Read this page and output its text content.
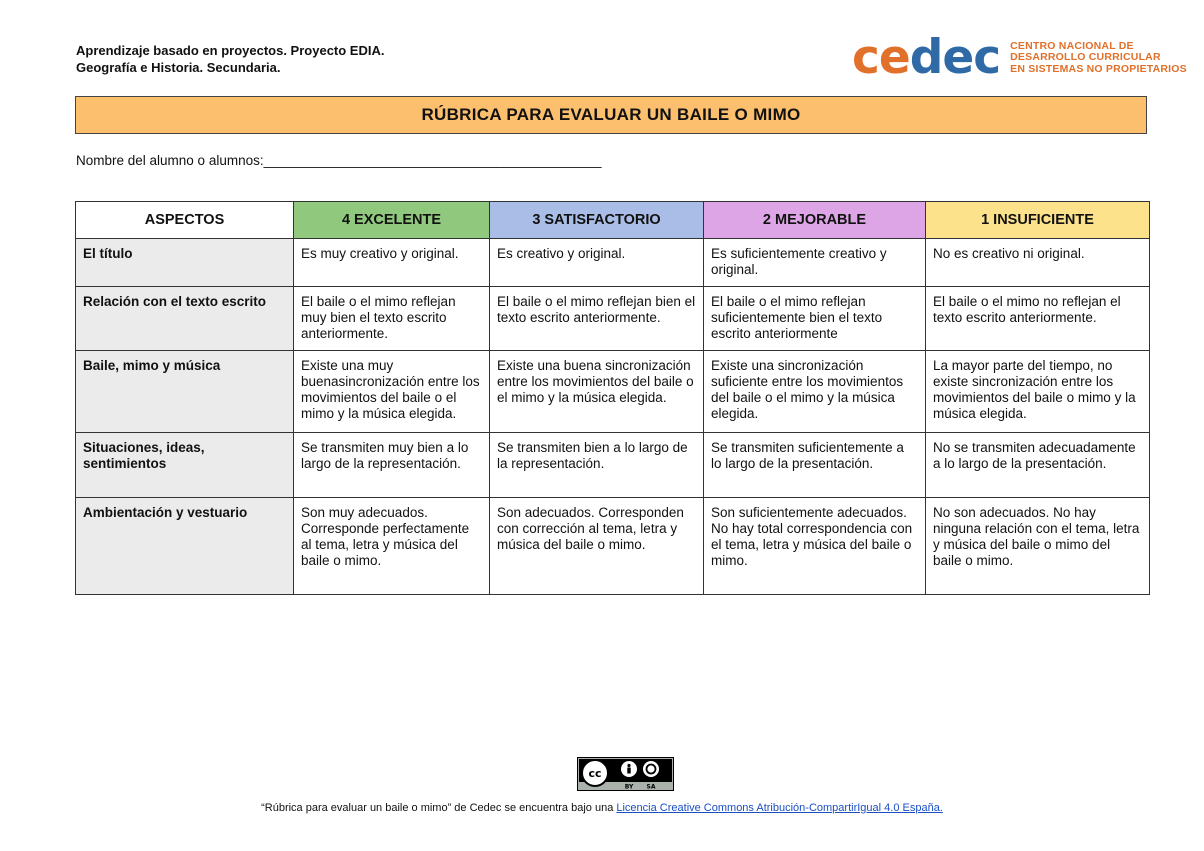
Aprendizaje basado en proyectos. Proyecto EDIA.
Geografía e Historia. Secundaria.	cedec CENTRO NACIONAL DE
DESARROLLO CURRICULAR
EN SISTEMAS NO PROPIETARIOS
RÚBRICA PARA EVALUAR UN BAILE O MIMO
Nombre del alumno o alumnos:_____________________________________________
ASPECTOS	4 EXCELENTE	3 SATISFACTORIO	2 MEJORABLE	1 INSUFICIENTE
El título	Es muy creativo y original.	Es creativo y original.	Es suficientemente creativo y original.	No es creativo ni original.
Relación con el texto escrito	El baile o el mimo reflejan muy bien el texto escrito anteriormente.	El baile o el mimo reflejan bien el texto escrito anteriormente.	El baile o el mimo reflejan suficientemente bien el texto escrito anteriormente	El baile o el mimo no reflejan el texto escrito anteriormente.
Baile, mimo y música	Existe una muy buenasincronización entre los movimientos del baile o el mimo y la música elegida.	Existe una buena sincronización entre los movimientos del baile o el mimo y la música elegida.	Existe una sincronización suficiente entre los movimientos del baile o el mimo y la música elegida.	La mayor parte del tiempo, no existe sincronización entre los movimientos del baile o mimo y la música elegida.
Situaciones, ideas, sentimientos	Se transmiten muy bien a lo largo de la representación.	Se transmiten bien a lo largo de la representación.	Se transmiten suficientemente a lo largo de la presentación.	No se transmiten adecuadamente a lo largo de la presentación.
Ambientación y vestuario	Son muy adecuados. Corresponde perfectamente al tema, letra y música del baile o mimo.	Son adecuados. Corresponden con corrección al tema, letra y música del baile o mimo.	Son suficientemente adecuados. No hay total correspondencia con el tema, letra y música del baile o mimo.	No son adecuados. No hay ninguna relación con el tema, letra y música del baile o mimo del baile o mimo.
cc
BY SA
“Rúbrica para evaluar un baile o mimo” de Cedec se encuentra bajo una Licencia Creative Commons Atribución-CompartirIgual 4.0 España.
